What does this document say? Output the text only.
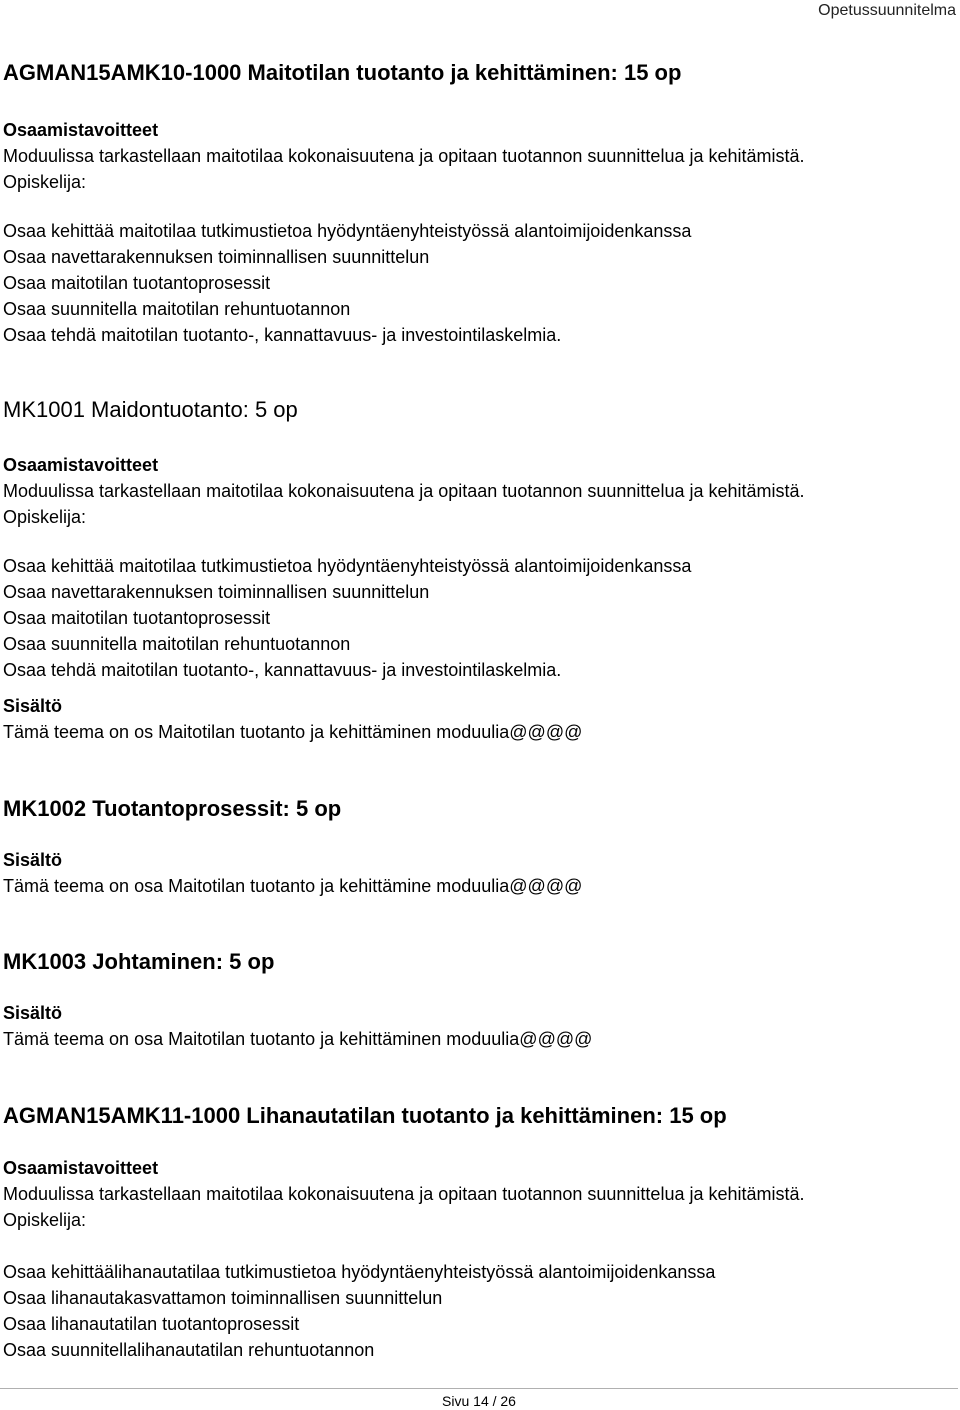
Opetussuunnitelma
AGMAN15AMK10-1000 Maitotilan tuotanto ja kehittäminen: 15 op
Osaamistavoitteet
Moduulissa tarkastellaan maitotilaa kokonaisuutena ja opitaan tuotannon suunnittelua ja kehitämistä.
Opiskelija:
Osaa kehittää maitotilaa tutkimustietoa hyödyntäenyhteistyössä alantoimijoidenkanssa
Osaa navettarakennuksen toiminnallisen suunnittelun
Osaa maitotilan tuotantoprosessit
Osaa suunnitella maitotilan rehuntuotannon
Osaa tehdä maitotilan tuotanto-, kannattavuus- ja investointilaskelmia.
MK1001 Maidontuotanto: 5 op
Osaamistavoitteet
Moduulissa tarkastellaan maitotilaa kokonaisuutena ja opitaan tuotannon suunnittelua ja kehitämistä.
Opiskelija:
Osaa kehittää maitotilaa tutkimustietoa hyödyntäenyhteistyössä alantoimijoidenkanssa
Osaa navettarakennuksen toiminnallisen suunnittelun
Osaa maitotilan tuotantoprosessit
Osaa suunnitella maitotilan rehuntuotannon
Osaa tehdä maitotilan tuotanto-, kannattavuus- ja investointilaskelmia.
Sisältö
Tämä teema on os Maitotilan tuotanto ja kehittäminen moduulia@@@@
MK1002 Tuotantoprosessit: 5 op
Sisältö
Tämä teema on osa Maitotilan tuotanto ja kehittämine moduulia@@@@
MK1003 Johtaminen: 5 op
Sisältö
Tämä teema on osa Maitotilan tuotanto ja kehittäminen moduulia@@@@
AGMAN15AMK11-1000 Lihanautatilan tuotanto ja kehittäminen: 15 op
Osaamistavoitteet
Moduulissa tarkastellaan maitotilaa kokonaisuutena ja opitaan tuotannon suunnittelua ja kehitämistä.
Opiskelija:
Osaa kehittäälihanautatilaa tutkimustietoa hyödyntäenyhteistyössä alantoimijoidenkanssa
Osaa lihanautakasvattamon toiminnallisen suunnittelun
Osaa lihanautatilan tuotantoprosessit
Osaa suunnitellalihanautatilan rehuntuotannon
Sivu 14 / 26
